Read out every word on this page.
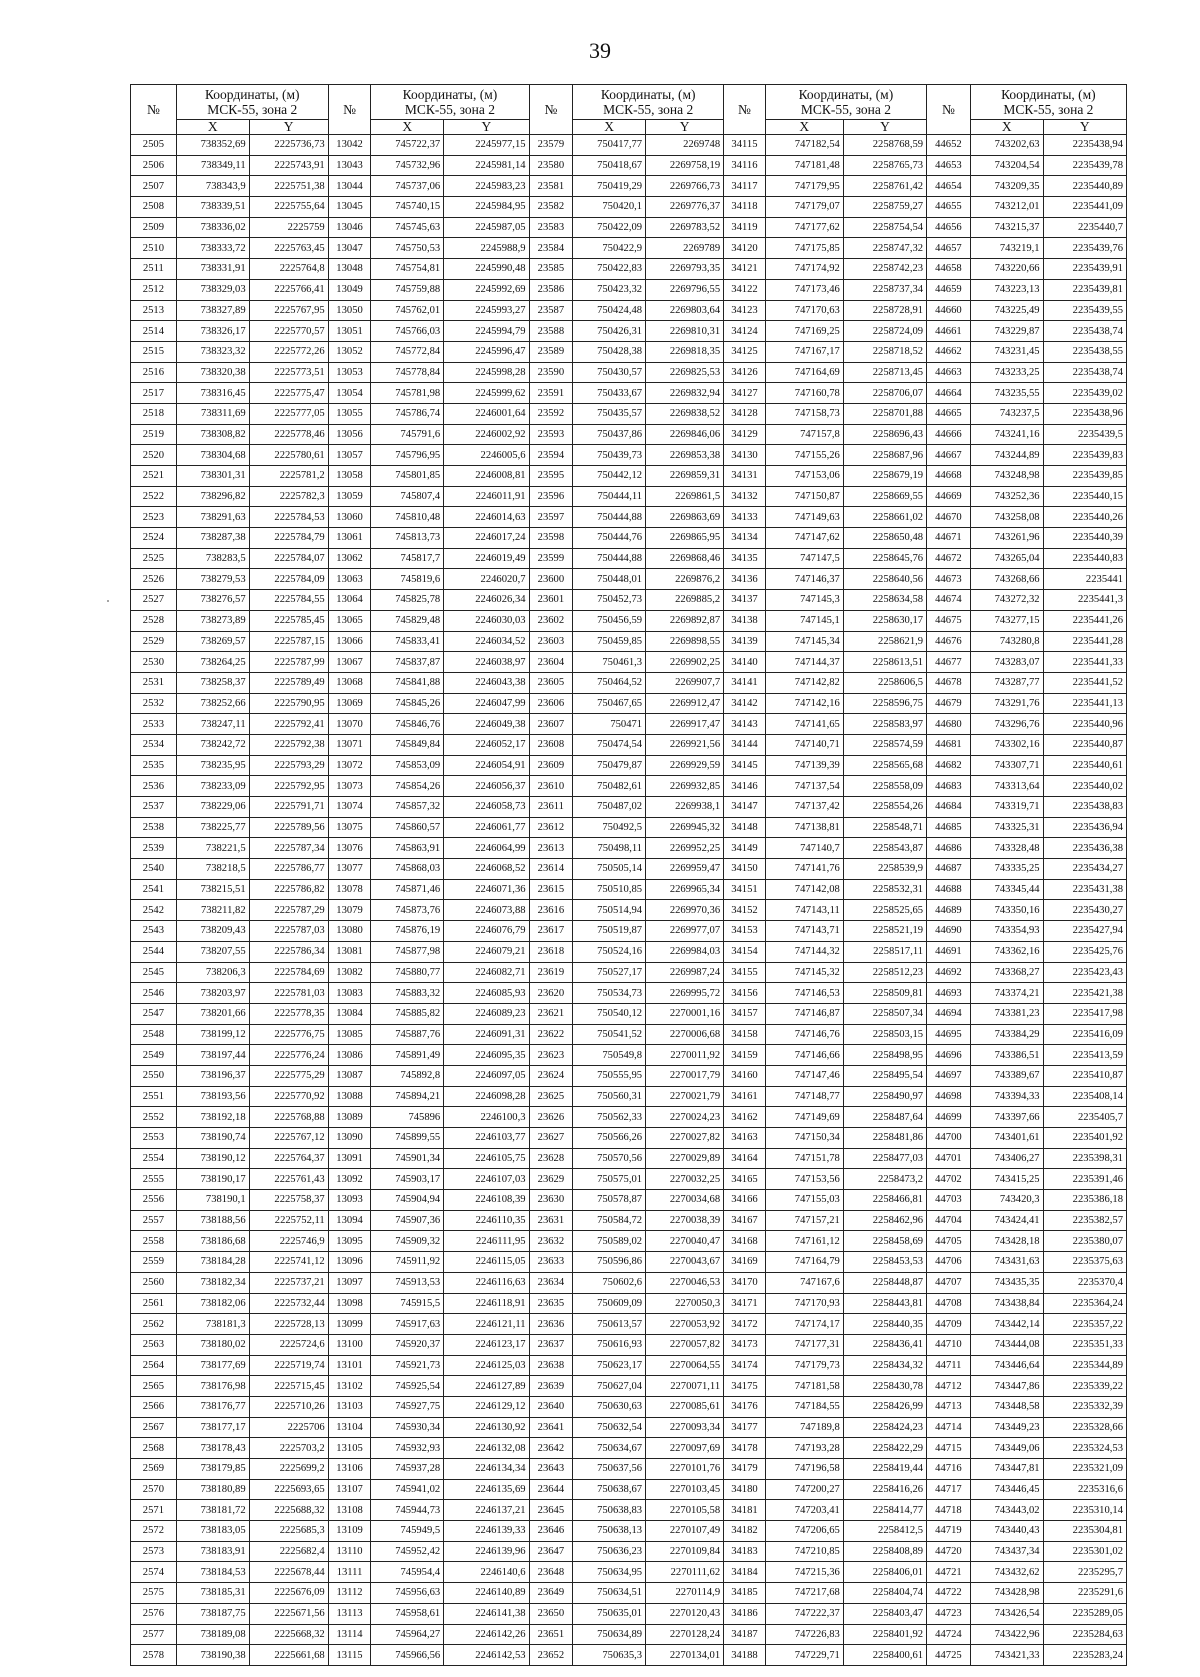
39
№	Координаты, (м)
МСК-55, зона 2		№	Координаты, (м)
МСК-55, зона 2		№	Координаты, (м)
МСК-55, зона 2		№	Координаты, (м)
МСК-55, зона 2		№	Координаты, (м)
МСК-55, зона 2	
	X	Y		X	Y		X	Y		X	Y		X	Y
2505	738352,69	2225736,73	13042	745722,37	2245977,15	23579	750417,77	2269748	34115	747182,54	2258768,59	44652	743202,63	2235438,94
2506	738349,11	2225743,91	13043	745732,96	2245981,14	23580	750418,67	2269758,19	34116	747181,48	2258765,73	44653	743204,54	2235439,78
2507	738343,9	2225751,38	13044	745737,06	2245983,23	23581	750419,29	2269766,73	34117	747179,95	2258761,42	44654	743209,35	2235440,89
2508	738339,51	2225755,64	13045	745740,15	2245984,95	23582	750420,1	2269776,37	34118	747179,07	2258759,27	44655	743212,01	2235441,09
2509	738336,02	2225759	13046	745745,63	2245987,05	23583	750422,09	2269783,52	34119	747177,62	2258754,54	44656	743215,37	2235440,7
2510	738333,72	2225763,45	13047	745750,53	2245988,9	23584	750422,9	2269789	34120	747175,85	2258747,32	44657	743219,1	2235439,76
2511	738331,91	2225764,8	13048	745754,81	2245990,48	23585	750422,83	2269793,35	34121	747174,92	2258742,23	44658	743220,66	2235439,91
2512	738329,03	2225766,41	13049	745759,88	2245992,69	23586	750423,32	2269796,55	34122	747173,46	2258737,34	44659	743223,13	2235439,81
2513	738327,89	2225767,95	13050	745762,01	2245993,27	23587	750424,48	2269803,64	34123	747170,63	2258728,91	44660	743225,49	2235439,55
2514	738326,17	2225770,57	13051	745766,03	2245994,79	23588	750426,31	2269810,31	34124	747169,25	2258724,09	44661	743229,87	2235438,74
2515	738323,32	2225772,26	13052	745772,84	2245996,47	23589	750428,38	2269818,35	34125	747167,17	2258718,52	44662	743231,45	2235438,55
2516	738320,38	2225773,51	13053	745778,84	2245998,28	23590	750430,57	2269825,53	34126	747164,69	2258713,45	44663	743233,25	2235438,74
2517	738316,45	2225775,47	13054	745781,98	2245999,62	23591	750433,67	2269832,94	34127	747160,78	2258706,07	44664	743235,55	2235439,02
2518	738311,69	2225777,05	13055	745786,74	2246001,64	23592	750435,57	2269838,52	34128	747158,73	2258701,88	44665	743237,5	2235438,96
2519	738308,82	2225778,46	13056	745791,6	2246002,92	23593	750437,86	2269846,06	34129	747157,8	2258696,43	44666	743241,16	2235439,5
2520	738304,68	2225780,61	13057	745796,95	2246005,6	23594	750439,73	2269853,38	34130	747155,26	2258687,96	44667	743244,89	2235439,83
2521	738301,31	2225781,2	13058	745801,85	2246008,81	23595	750442,12	2269859,31	34131	747153,06	2258679,19	44668	743248,98	2235439,85
2522	738296,82	2225782,3	13059	745807,4	2246011,91	23596	750444,11	2269861,5	34132	747150,87	2258669,55	44669	743252,36	2235440,15
2523	738291,63	2225784,53	13060	745810,48	2246014,63	23597	750444,88	2269863,69	34133	747149,63	2258661,02	44670	743258,08	2235440,26
2524	738287,38	2225784,79	13061	745813,73	2246017,24	23598	750444,76	2269865,95	34134	747147,62	2258650,48	44671	743261,96	2235440,39
2525	738283,5	2225784,07	13062	745817,7	2246019,49	23599	750444,88	2269868,46	34135	747147,5	2258645,76	44672	743265,04	2235440,83
2526	738279,53	2225784,09	13063	745819,6	2246020,7	23600	750448,01	2269876,2	34136	747146,37	2258640,56	44673	743268,66	2235441
2527	738276,57	2225784,55	13064	745825,78	2246026,34	23601	750452,73	2269885,2	34137	747145,3	2258634,58	44674	743272,32	2235441,3
2528	738273,89	2225785,45	13065	745829,48	2246030,03	23602	750456,59	2269892,87	34138	747145,1	2258630,17	44675	743277,15	2235441,26
2529	738269,57	2225787,15	13066	745833,41	2246034,52	23603	750459,85	2269898,55	34139	747145,34	2258621,9	44676	743280,8	2235441,28
2530	738264,25	2225787,99	13067	745837,87	2246038,97	23604	750461,3	2269902,25	34140	747144,37	2258613,51	44677	743283,07	2235441,33
2531	738258,37	2225789,49	13068	745841,88	2246043,38	23605	750464,52	2269907,7	34141	747142,82	2258606,5	44678	743287,77	2235441,52
2532	738252,66	2225790,95	13069	745845,26	2246047,99	23606	750467,65	2269912,47	34142	747142,16	2258596,75	44679	743291,76	2235441,13
2533	738247,11	2225792,41	13070	745846,76	2246049,38	23607	750471	2269917,47	34143	747141,65	2258583,97	44680	743296,76	2235440,96
2534	738242,72	2225792,38	13071	745849,84	2246052,17	23608	750474,54	2269921,56	34144	747140,71	2258574,59	44681	743302,16	2235440,87
2535	738235,95	2225793,29	13072	745853,09	2246054,91	23609	750479,87	2269929,59	34145	747139,39	2258565,68	44682	743307,71	2235440,61
2536	738233,09	2225792,95	13073	745854,26	2246056,37	23610	750482,61	2269932,85	34146	747137,54	2258558,09	44683	743313,64	2235440,02
2537	738229,06	2225791,71	13074	745857,32	2246058,73	23611	750487,02	2269938,1	34147	747137,42	2258554,26	44684	743319,71	2235438,83
2538	738225,77	2225789,56	13075	745860,57	2246061,77	23612	750492,5	2269945,32	34148	747138,81	2258548,71	44685	743325,31	2235436,94
2539	738221,5	2225787,34	13076	745863,91	2246064,99	23613	750498,11	2269952,25	34149	747140,7	2258543,87	44686	743328,48	2235436,38
2540	738218,5	2225786,77	13077	745868,03	2246068,52	23614	750505,14	2269959,47	34150	747141,76	2258539,9	44687	743335,25	2235434,27
2541	738215,51	2225786,82	13078	745871,46	2246071,36	23615	750510,85	2269965,34	34151	747142,08	2258532,31	44688	743345,44	2235431,38
2542	738211,82	2225787,29	13079	745873,76	2246073,88	23616	750514,94	2269970,36	34152	747143,11	2258525,65	44689	743350,16	2235430,27
2543	738209,43	2225787,03	13080	745876,19	2246076,79	23617	750519,87	2269977,07	34153	747143,71	2258521,19	44690	743354,93	2235427,94
2544	738207,55	2225786,34	13081	745877,98	2246079,21	23618	750524,16	2269984,03	34154	747144,32	2258517,11	44691	743362,16	2235425,76
2545	738206,3	2225784,69	13082	745880,77	2246082,71	23619	750527,17	2269987,24	34155	747145,32	2258512,23	44692	743368,27	2235423,43
2546	738203,97	2225781,03	13083	745883,32	2246085,93	23620	750534,73	2269995,72	34156	747146,53	2258509,81	44693	743374,21	2235421,38
2547	738201,66	2225778,35	13084	745885,82	2246089,23	23621	750540,12	2270001,16	34157	747146,87	2258507,34	44694	743381,23	2235417,98
2548	738199,12	2225776,75	13085	745887,76	2246091,31	23622	750541,52	2270006,68	34158	747146,76	2258503,15	44695	743384,29	2235416,09
2549	738197,44	2225776,24	13086	745891,49	2246095,35	23623	750549,8	2270011,92	34159	747146,66	2258498,95	44696	743386,51	2235413,59
2550	738196,37	2225775,29	13087	745892,8	2246097,05	23624	750555,95	2270017,79	34160	747147,46	2258495,54	44697	743389,67	2235410,87
2551	738193,56	2225770,92	13088	745894,21	2246098,28	23625	750560,31	2270021,79	34161	747148,77	2258490,97	44698	743394,33	2235408,14
2552	738192,18	2225768,88	13089	745896	2246100,3	23626	750562,33	2270024,23	34162	747149,69	2258487,64	44699	743397,66	2235405,7
2553	738190,74	2225767,12	13090	745899,55	2246103,77	23627	750566,26	2270027,82	34163	747150,34	2258481,86	44700	743401,61	2235401,92
2554	738190,12	2225764,37	13091	745901,34	2246105,75	23628	750570,56	2270029,89	34164	747151,78	2258477,03	44701	743406,27	2235398,31
2555	738190,17	2225761,43	13092	745903,17	2246107,03	23629	750575,01	2270032,25	34165	747153,56	2258473,2	44702	743415,25	2235391,46
2556	738190,1	2225758,37	13093	745904,94	2246108,39	23630	750578,87	2270034,68	34166	747155,03	2258466,81	44703	743420,3	2235386,18
2557	738188,56	2225752,11	13094	745907,36	2246110,35	23631	750584,72	2270038,39	34167	747157,21	2258462,96	44704	743424,41	2235382,57
2558	738186,68	2225746,9	13095	745909,32	2246111,95	23632	750589,02	2270040,47	34168	747161,12	2258458,69	44705	743428,18	2235380,07
2559	738184,28	2225741,12	13096	745911,92	2246115,05	23633	750596,86	2270043,67	34169	747164,79	2258453,53	44706	743431,63	2235375,63
2560	738182,34	2225737,21	13097	745913,53	2246116,63	23634	750602,6	2270046,53	34170	747167,6	2258448,87	44707	743435,35	2235370,4
2561	738182,06	2225732,44	13098	745915,5	2246118,91	23635	750609,09	2270050,3	34171	747170,93	2258443,81	44708	743438,84	2235364,24
2562	738181,3	2225728,13	13099	745917,63	2246121,11	23636	750613,57	2270053,92	34172	747174,17	2258440,35	44709	743442,14	2235357,22
2563	738180,02	2225724,6	13100	745920,37	2246123,17	23637	750616,93	2270057,82	34173	747177,31	2258436,41	44710	743444,08	2235351,33
2564	738177,69	2225719,74	13101	745921,73	2246125,03	23638	750623,17	2270064,55	34174	747179,73	2258434,32	44711	743446,64	2235344,89
2565	738176,98	2225715,45	13102	745925,54	2246127,89	23639	750627,04	2270071,11	34175	747181,58	2258430,78	44712	743447,86	2235339,22
2566	738176,77	2225710,26	13103	745927,75	2246129,12	23640	750630,63	2270085,61	34176	747184,55	2258426,99	44713	743448,58	2235332,39
2567	738177,17	2225706	13104	745930,34	2246130,92	23641	750632,54	2270093,34	34177	747189,8	2258424,23	44714	743449,23	2235328,66
2568	738178,43	2225703,2	13105	745932,93	2246132,08	23642	750634,67	2270097,69	34178	747193,28	2258422,29	44715	743449,06	2235324,53
2569	738179,85	2225699,2	13106	745937,28	2246134,34	23643	750637,56	2270101,76	34179	747196,58	2258419,44	44716	743447,81	2235321,09
2570	738180,89	2225693,65	13107	745941,02	2246135,69	23644	750638,67	2270103,45	34180	747200,27	2258416,26	44717	743446,45	2235316,6
2571	738181,72	2225688,32	13108	745944,73	2246137,21	23645	750638,83	2270105,58	34181	747203,41	2258414,77	44718	743443,02	2235310,14
2572	738183,05	2225685,3	13109	745949,5	2246139,33	23646	750638,13	2270107,49	34182	747206,65	2258412,5	44719	743440,43	2235304,81
2573	738183,91	2225682,4	13110	745952,42	2246139,96	23647	750636,23	2270109,84	34183	747210,85	2258408,89	44720	743437,34	2235301,02
2574	738184,53	2225678,44	13111	745954,4	2246140,6	23648	750634,95	2270111,62	34184	747215,36	2258406,01	44721	743432,62	2235295,7
2575	738185,31	2225676,09	13112	745956,63	2246140,89	23649	750634,51	2270114,9	34185	747217,68	2258404,74	44722	743428,98	2235291,6
2576	738187,75	2225671,56	13113	745958,61	2246141,38	23650	750635,01	2270120,43	34186	747222,37	2258403,47	44723	743426,54	2235289,05
2577	738189,08	2225668,32	13114	745964,27	2246142,26	23651	750634,89	2270128,24	34187	747226,83	2258401,92	44724	743422,96	2235284,63
2578	738190,38	2225661,68	13115	745966,56	2246142,53	23652	750635,3	2270134,01	34188	747229,71	2258400,61	44725	743421,33	2235283,24
